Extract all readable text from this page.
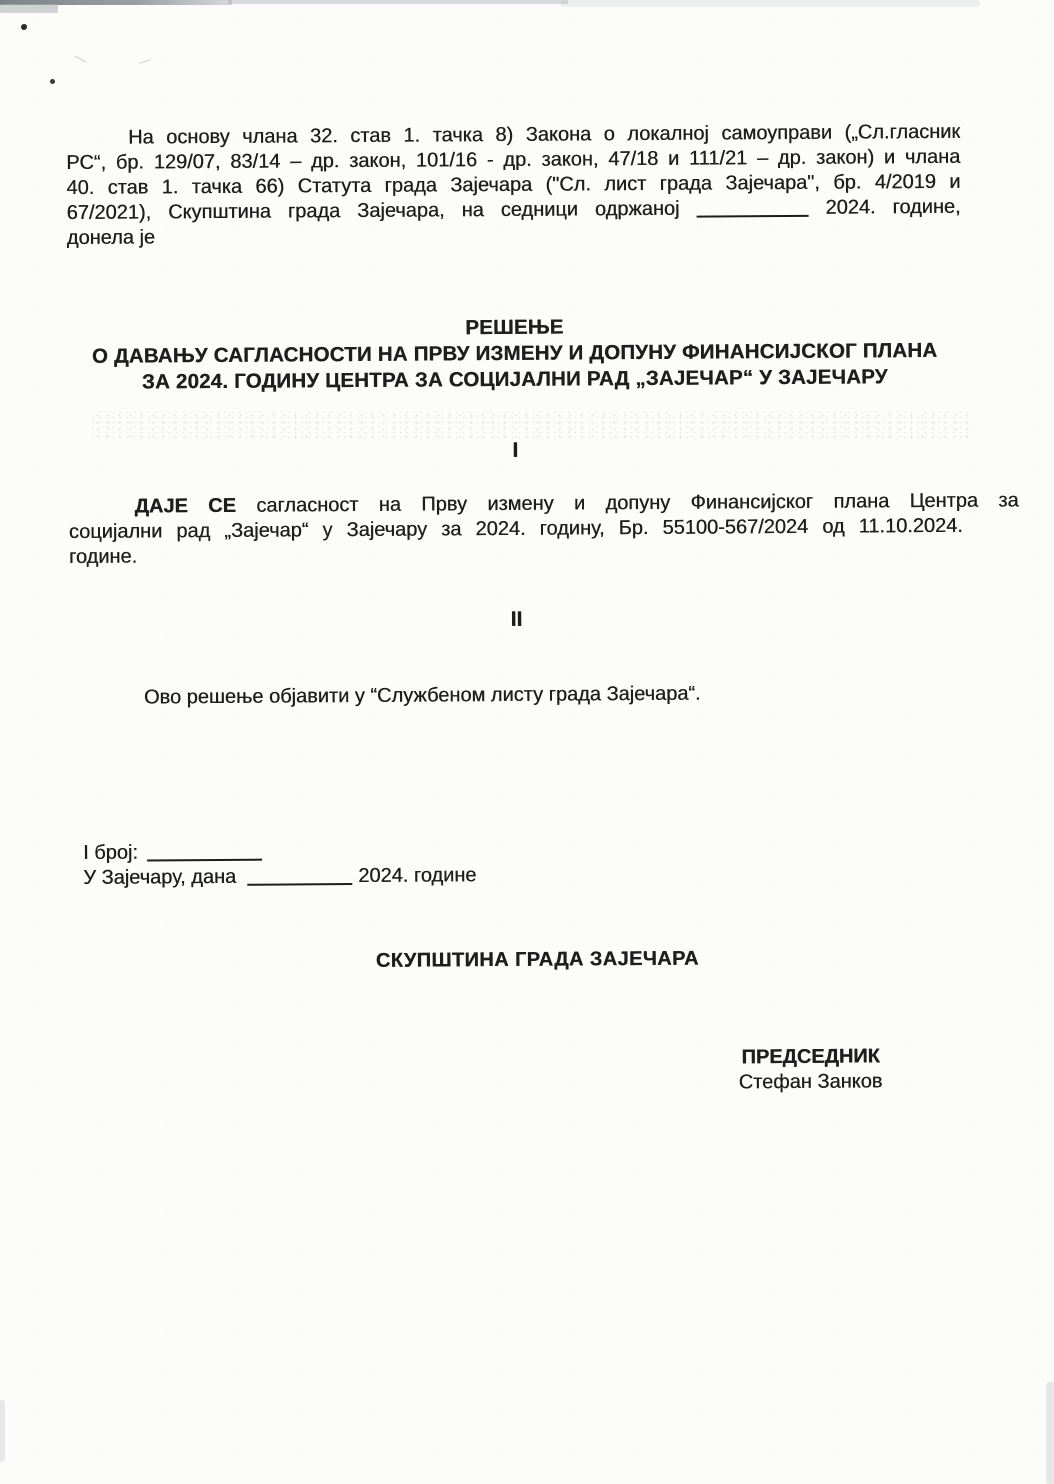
На основу члана 32. став 1. тачка 8) Закона о локалној самоуправи („Сл.гласник
РС“, бр. 129/07, 83/14 – др. закон, 101/16 - др. закон, 47/18 и 111/21 – др. закон) и члана
40. став 1. тачка 66) Статута града Зајечара ("Сл. лист града Зајечара", бр. 4/2019 и
67/2021), Скупштина града Зајечара, на седници одржаној	2024. године,
донела је
РЕШЕЊЕ
О ДАВАЊУ САГЛАСНОСТИ НА ПРВУ ИЗМЕНУ И ДОПУНУ ФИНАНСИЈСКОГ ПЛАНА
ЗА 2024. ГОДИНУ ЦЕНТРА ЗА СОЦИЈАЛНИ РАД „ЗАЈЕЧАР“ У ЗАЈЕЧАРУ
I
ДАЈЕ СЕ сагласност на Прву измену и допуну Финансијског плана Центра за
социјални рад „Зајечар“ у Зајечару за 2024. годину, Бр. 55100-567/2024 од 11.10.2024.
године.
II
Ово решење објавити у “Службеном листу града Зајечара“.
I број:
У Зајечару, дана	2024. године
СКУПШТИНА ГРАДА ЗАЈЕЧАРА
ПРЕДСЕДНИК
Стефан Занков
